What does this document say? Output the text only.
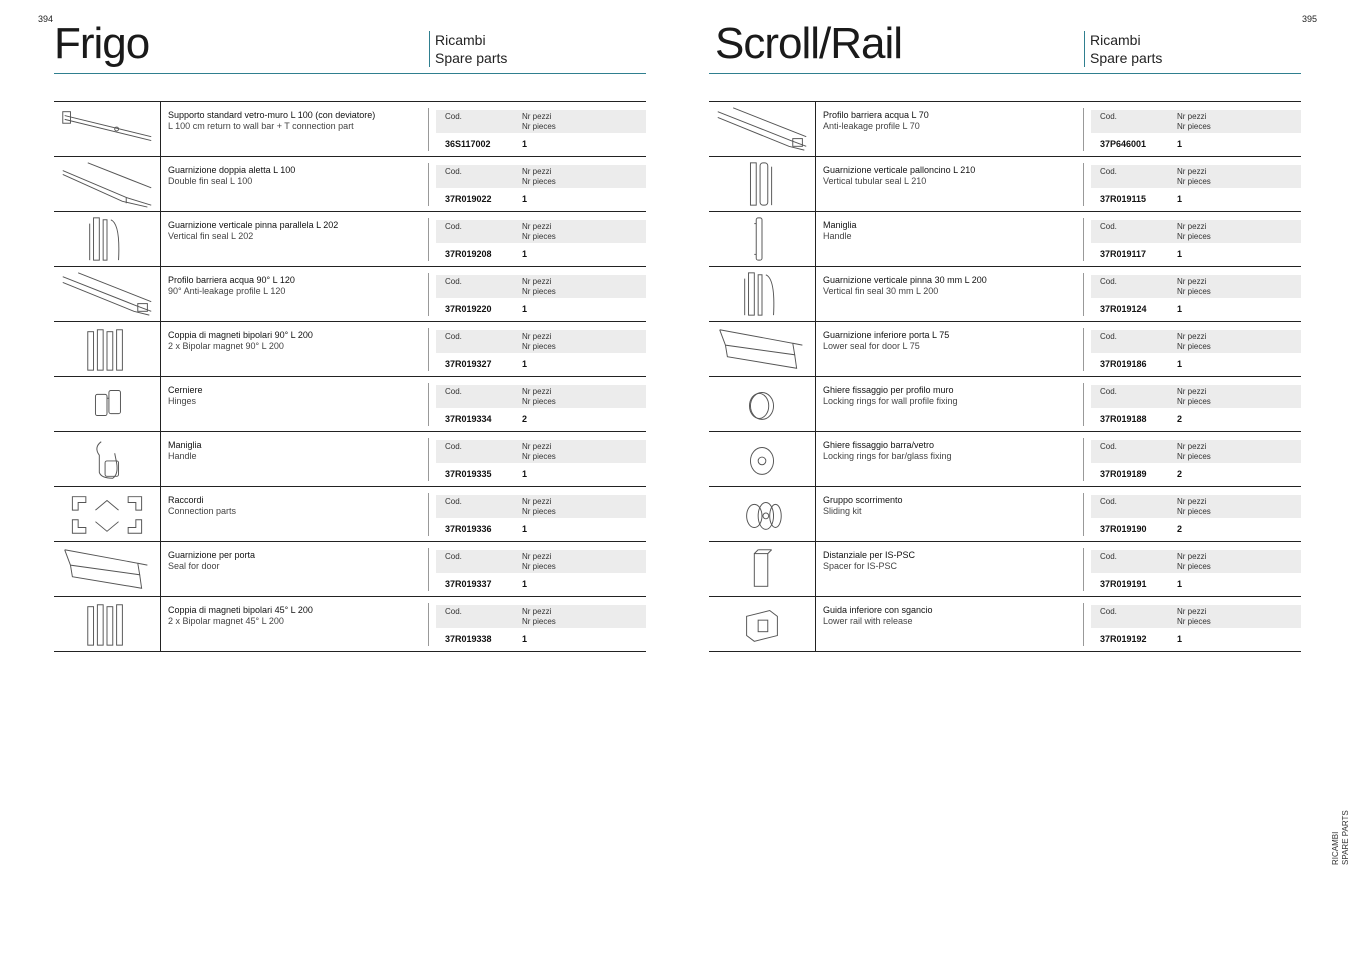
394	395
Frigo	Ricambi
Spare parts
Supporto standard vetro-muro L 100 (con deviatore)
L 100 cm return to wall bar + T connection part
Cod.	Nr pezzi
Nr pieces
36S117002	1
Guarnizione doppia aletta L 100
Double fin seal L 100
Cod.	Nr pezzi
Nr pieces
37R019022	1
Guarnizione verticale pinna parallela L 202
Vertical fin seal L 202
Cod.	Nr pezzi
Nr pieces
37R019208	1
Profilo barriera acqua 90° L 120
90° Anti-leakage profile L 120
Cod.	Nr pezzi
Nr pieces
37R019220	1
Coppia di magneti bipolari 90° L 200
2 x Bipolar magnet 90° L 200
Cod.	Nr pezzi
Nr pieces
37R019327	1
Cerniere
Hinges
Cod.	Nr pezzi
Nr pieces
37R019334	2
Maniglia
Handle
Cod.	Nr pezzi
Nr pieces
37R019335	1
Raccordi
Connection parts
Cod.	Nr pezzi
Nr pieces
37R019336	1
Guarnizione per porta
Seal for door
Cod.	Nr pezzi
Nr pieces
37R019337	1
Coppia di magneti bipolari 45° L 200
2 x Bipolar magnet 45° L 200
Cod.	Nr pezzi
Nr pieces
37R019338	1
Scroll/Rail	Ricambi
Spare parts
Profilo barriera acqua L 70
Anti-leakage profile L 70
Cod.	Nr pezzi
Nr pieces
37P646001	1
Guarnizione verticale palloncino L 210
Vertical tubular seal L 210
Cod.	Nr pezzi
Nr pieces
37R019115	1
Maniglia
Handle
Cod.	Nr pezzi
Nr pieces
37R019117	1
Guarnizione verticale pinna 30 mm L 200
Vertical fin seal 30 mm L 200
Cod.	Nr pezzi
Nr pieces
37R019124	1
Guarnizione inferiore porta L 75
Lower seal for door L 75
Cod.	Nr pezzi
Nr pieces
37R019186	1
Ghiere fissaggio per profilo muro
Locking rings for wall profile fixing
Cod.	Nr pezzi
Nr pieces
37R019188	2
Ghiere fissaggio barra/vetro
Locking rings for bar/glass fixing
Cod.	Nr pezzi
Nr pieces
37R019189	2
Gruppo scorrimento
Sliding kit
Cod.	Nr pezzi
Nr pieces
37R019190	2
Distanziale per IS-PSC
Spacer for IS-PSC
Cod.	Nr pezzi
Nr pieces
37R019191	1
Guida inferiore con sgancio
Lower rail with release
Cod.	Nr pezzi
Nr pieces
37R019192	1
RICAMBI SPARE PARTS
